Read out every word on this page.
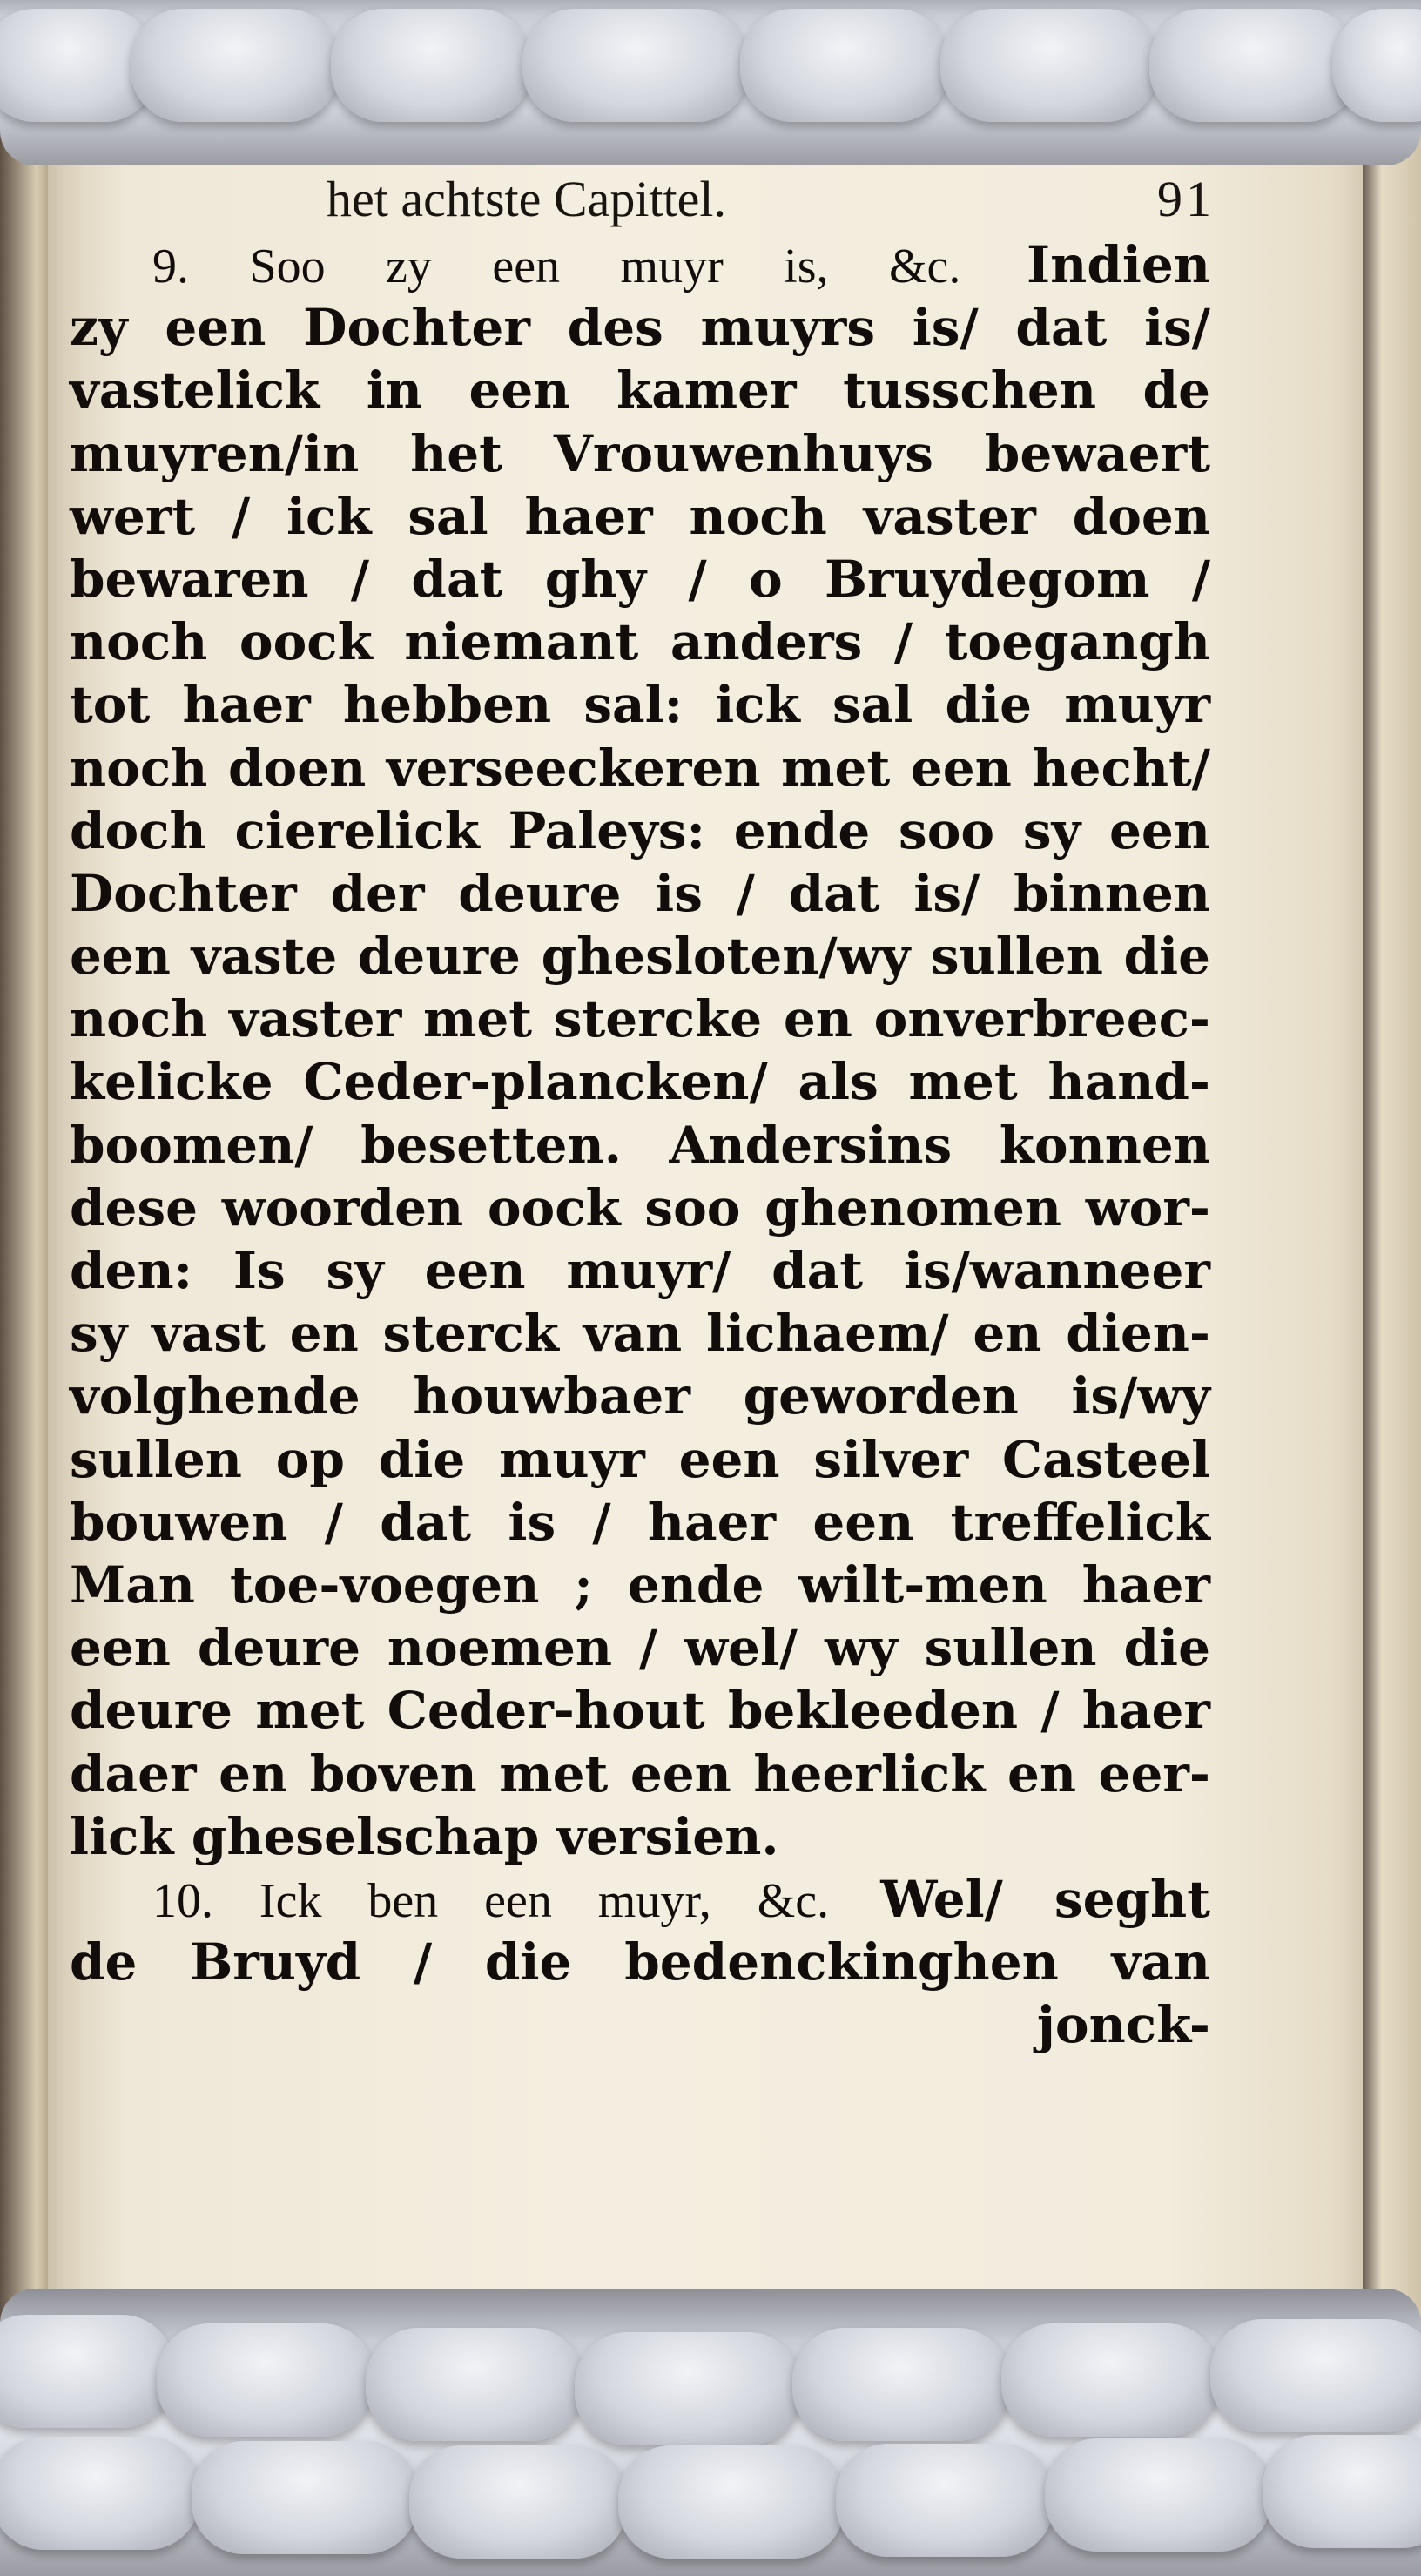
het achtste Capittel.	91
9. Soo zy een muyr is, &c. Indien
zy een Dochter des muyrs is/ dat is/
vastelick in een kamer tusschen de
muyren/in het Vrouwenhuys bewaert
wert / ick sal haer noch vaster doen
bewaren / dat ghy / o Bruydegom /
noch oock niemant anders / toegangh
tot haer hebben sal: ick sal die muyr
noch doen verseeckeren met een hecht/
doch cierelick Paleys: ende soo sy een
Dochter der deure is / dat is/ binnen
een vaste deure ghesloten/wy sullen die
noch vaster met stercke en onverbreec-
kelicke Ceder-plancken/ als met hand-
boomen/ besetten. Andersins konnen
dese woorden oock soo ghenomen wor-
den: Is sy een muyr/ dat is/wanneer
sy vast en sterck van lichaem/ en dien-
volghende houwbaer geworden is/wy
sullen op die muyr een silver Casteel
bouwen / dat is / haer een treffelick
Man toe-voegen ; ende wilt-men haer
een deure noemen / wel/ wy sullen die
deure met Ceder-hout bekleeden / haer
daer en boven met een heerlick en eer-
lick gheselschap versien.
10. Ick ben een muyr, &c. Wel/ seght
de Bruyd / die bedenckinghen van
jonck-
